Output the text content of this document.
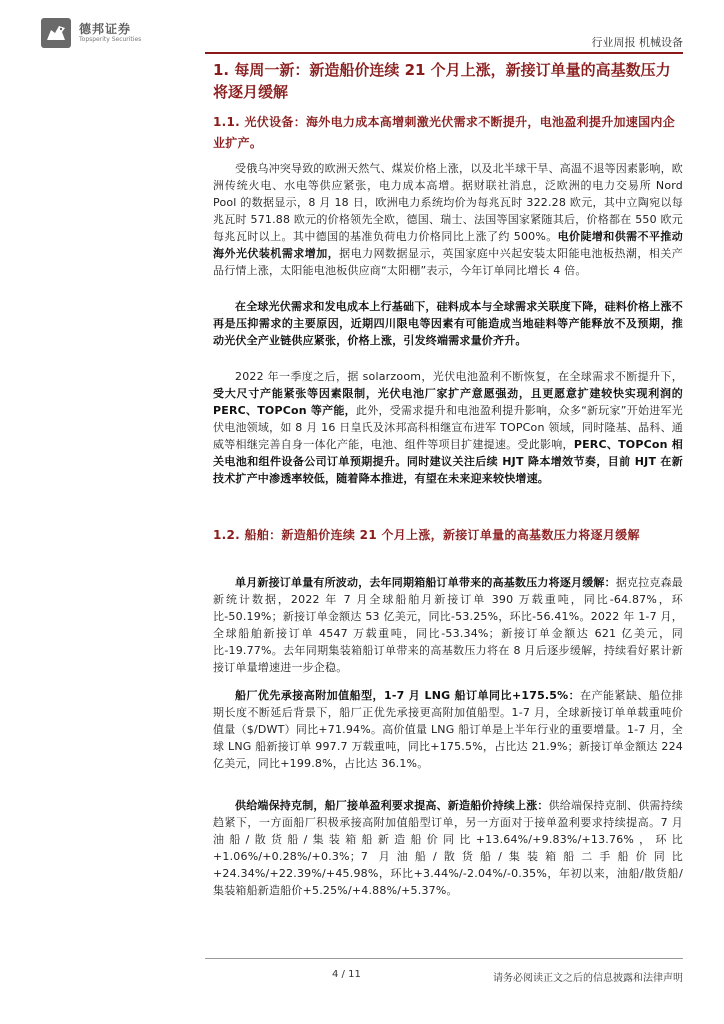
德邦证券
Topsperity Securities	行业周报 机械设备
1. 每周一新：新造船价连续 21 个月上涨，新接订单量的高基数压力将逐月缓解
1.1. 光伏设备：海外电力成本高增刺激光伏需求不断提升，电池盈利提升加速国内企业扩产。
受俄乌冲突导致的欧洲天然气、煤炭价格上涨，以及北半球干旱、高温不退等因素影响，欧洲传统火电、水电等供应紧张，电力成本高增。据财联社消息，泛欧洲的电力交易所 Nord Pool 的数据显示，8 月 18 日，欧洲电力系统均价为每兆瓦时 322.28 欧元，其中立陶宛以每兆瓦时 571.88 欧元的价格领先全欧，德国、瑞士、法国等国家紧随其后，价格都在 550 欧元每兆瓦时以上。其中德国的基准负荷电力价格同比上涨了约 500%。电价陡增和供需不平推动海外光伏装机需求增加，据电力网数据显示，英国家庭中兴起安装太阳能电池板热潮，相关产品行情上涨，太阳能电池板供应商“太阳棚”表示，今年订单同比增长 4 倍。
在全球光伏需求和发电成本上行基础下，硅料成本与全球需求关联度下降，硅料价格上涨不再是压抑需求的主要原因，近期四川限电等因素有可能造成当地硅料等产能释放不及预期，推动光伏全产业链供应紧张，价格上涨，引发终端需求量价齐升。
2022 年一季度之后，据 solarzoom，光伏电池盈利不断恢复，在全球需求不断提升下，受大尺寸产能紧张等因素限制，光伏电池厂家扩产意愿强劲，且更愿意扩建较快实现利润的 PERC、TOPCon 等产能，此外，受需求提升和电池盈利提升影响，众多“新玩家”开始进军光伏电池领域，如 8 月 16 日皇氏及沐邦高科相继宣布进军 TOPCon 领域，同时隆基、晶科、通威等相继完善自身一体化产能，电池、组件等项目扩建提速。受此影响，PERC、TOPCon 相关电池和组件设备公司订单预期提升。同时建议关注后续 HJT 降本增效节奏，目前 HJT 在新技术扩产中渗透率较低，随着降本推进，有望在未来迎来较快增速。
1.2. 船舶：新造船价连续 21 个月上涨，新接订单量的高基数压力将逐月缓解
单月新接订单量有所波动，去年同期箱船订单带来的高基数压力将逐月缓解：据克拉克森最新统计数据，2022 年 7 月全球船舶月新接订单 390 万载重吨，同比-64.87%，环比-50.19%；新接订单金额达 53 亿美元，同比-53.25%，环比-56.41%。2022 年 1-7 月，全球船舶新接订单 4547 万载重吨，同比-53.34%；新接订单金额达 621 亿美元，同比-19.77%。去年同期集装箱船订单带来的高基数压力将在 8 月后逐步缓解，持续看好累计新接订单量增速进一步企稳。
船厂优先承接高附加值船型，1-7 月 LNG 船订单同比+175.5%：在产能紧缺、船位排期长度不断延后背景下，船厂正优先承接更高附加值船型。1-7 月，全球新接订单单载重吨价值量（$/DWT）同比+71.94%。高价值量 LNG 船订单是上半年行业的重要增量。1-7 月，全球 LNG 船新接订单 997.7 万载重吨，同比+175.5%，占比达 21.9%；新接订单金额达 224 亿美元，同比+199.8%，占比达 36.1%。
供给端保持克制，船厂接单盈利要求提高、新造船价持续上涨：供给端保持克制、供需持续趋紧下，一方面船厂积极承接高附加值船型订单，另一方面对于接单盈利要求持续提高。7 月油船/散货船/集装箱船新造船价同比+13.64%/+9.83%/+13.76%，环比+1.06%/+0.28%/+0.3%；7 月油船/散货船/集装箱船二手船价同比+24.34%/+22.39%/+45.98%，环比+3.44%/-2.04%/-0.35%，年初以来，油船/散货船/集装箱船新造船价+5.25%/+4.88%/+5.37%。
4 / 11	请务必阅读正文之后的信息披露和法律声明
